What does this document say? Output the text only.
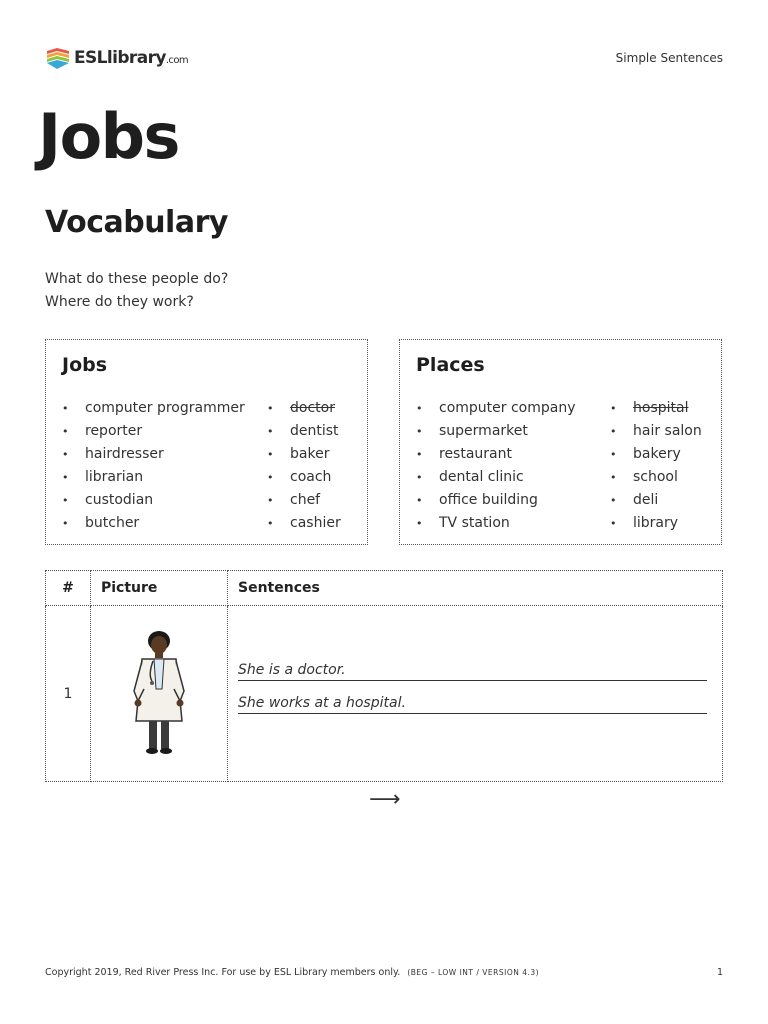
ESLlibrary.com	Simple Sentences
Jobs
Vocabulary
What do these people do?
Where do they work?
Jobs
• computer programmer
• reporter
• hairdresser
• librarian
• custodian
• butcher
• doctor
• dentist
• baker
• coach
• chef
• cashier
Places
• computer company
• supermarket
• restaurant
• dental clinic
• office building
• TV station
• hospital
• hair salon
• bakery
• school
• deli
• library
#	Picture	Sentences
1		She is a doctor.
She works at a hospital.
⟶
Copyright 2019, Red River Press Inc. For use by ESL Library members only. (BEG – LOW INT / VERSION 4.3)	1
